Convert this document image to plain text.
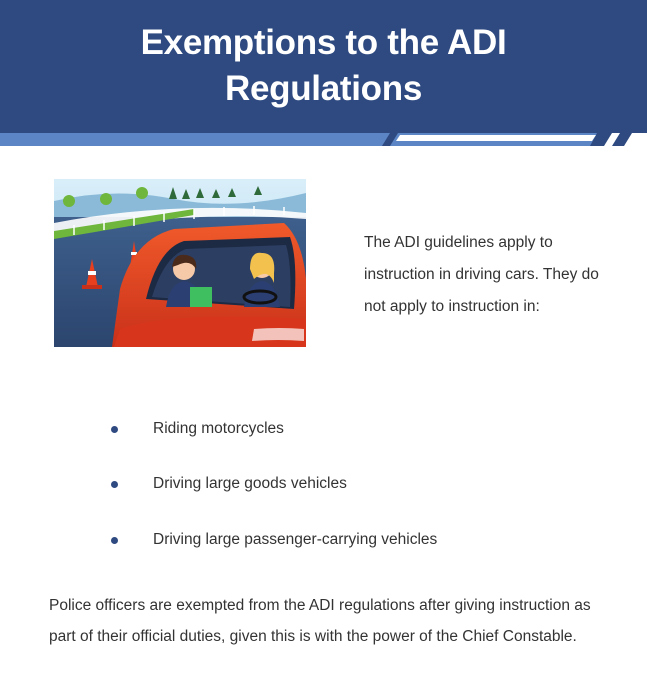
Exemptions to the ADI
Regulations

The ADI guidelines apply to instruction in driving cars. They do not apply to instruction in:

Riding motorcycles
Driving large goods vehicles
Driving large passenger-carrying vehicles

Police officers are exempted from the ADI regulations after giving instruction as part of their official duties, given this is with the power of the Chief Constable.
